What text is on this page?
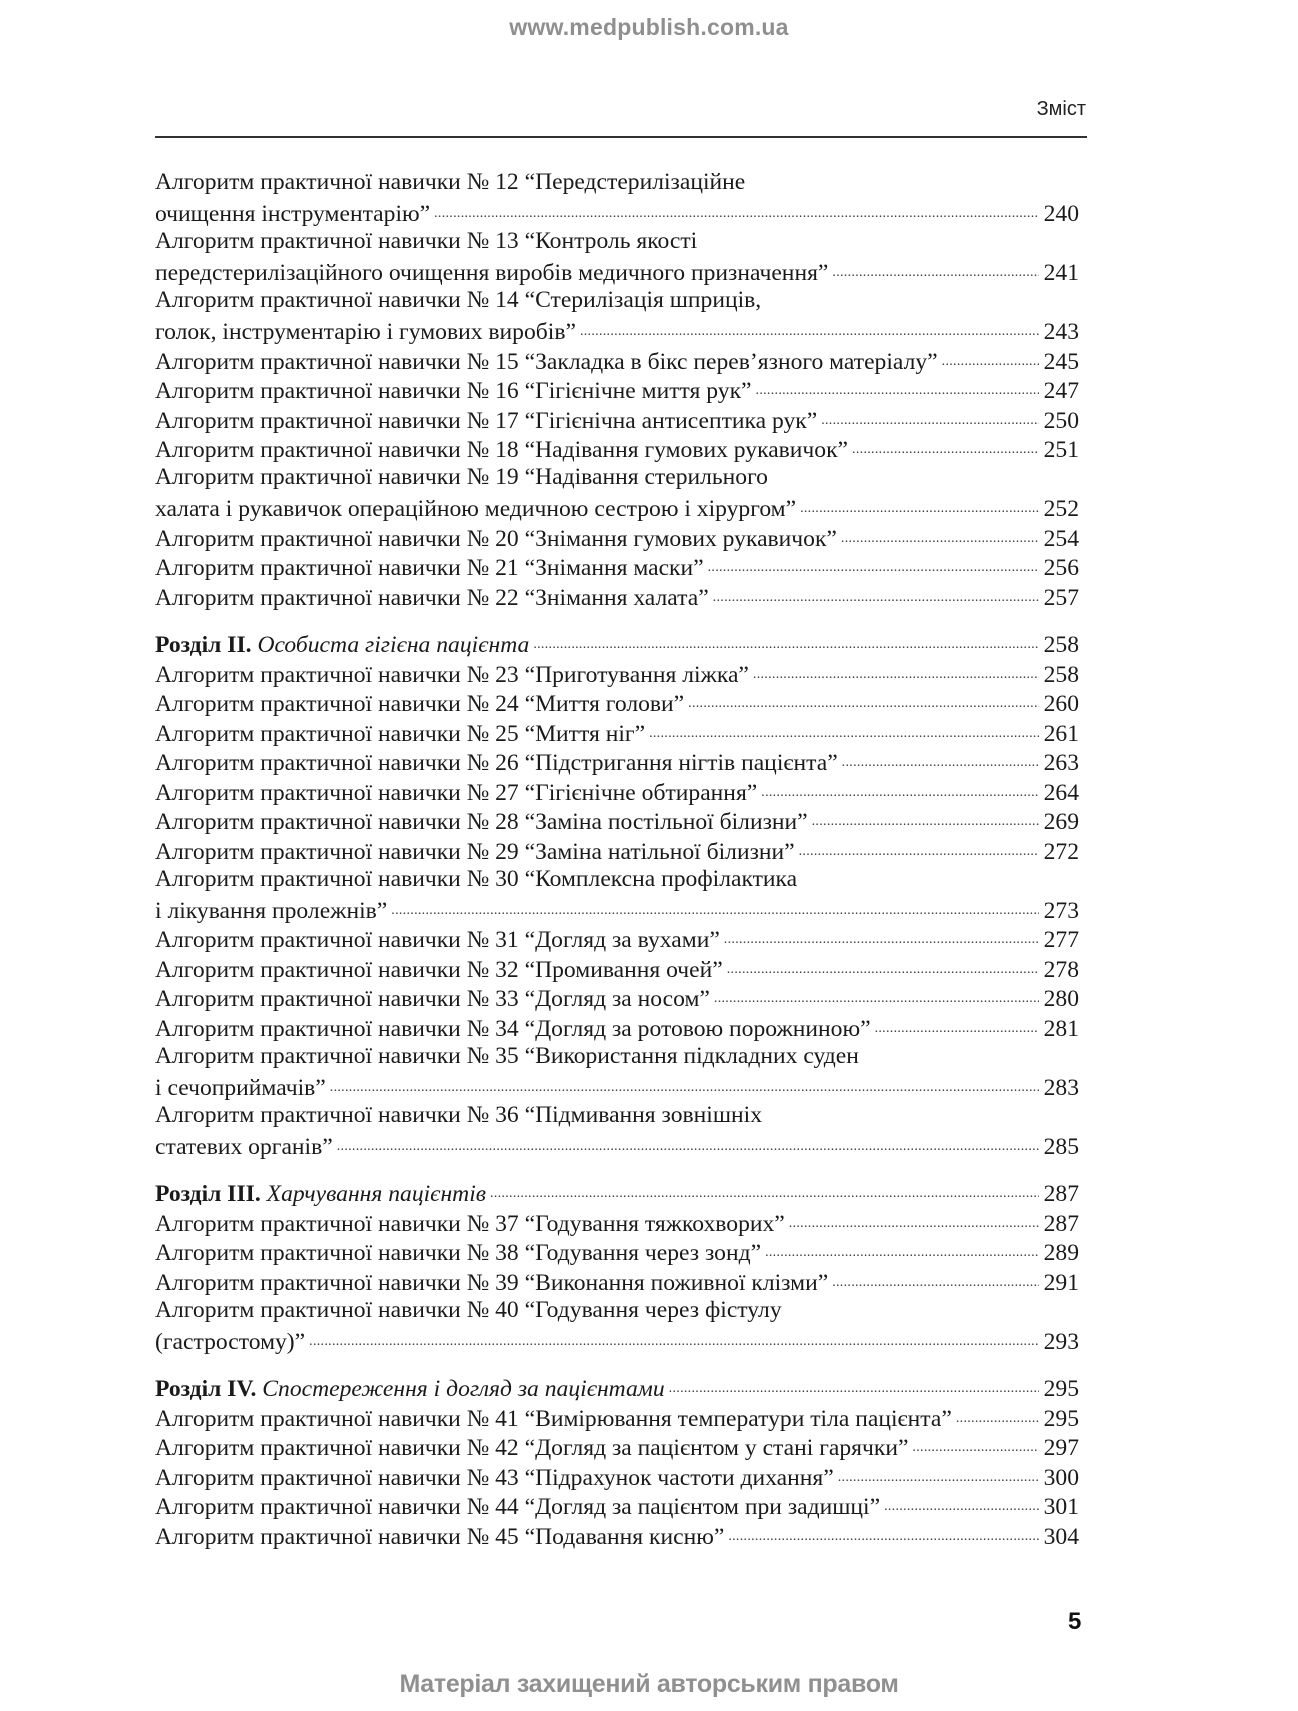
www.medpublish.com.ua
Зміст
Алгоритм практичної навички № 12 “Передстерилізаційне
очищення інструментарію” . . .	240
Алгоритм практичної навички № 13 “Контроль якості
передстерилізаційного очищення виробів медичного призначення” . . .	241
Алгоритм практичної навички № 14 “Стерилізація шприців,
голок, інструментарію і гумових виробів” . . .	243
Алгоритм практичної навички № 15 “Закладка в бікс перев’язного матеріалу” . . .	245
Алгоритм практичної навички № 16 “Гігієнічне миття рук” . . .	247
Алгоритм практичної навички № 17 “Гігієнічна антисептика рук” . . .	250
Алгоритм практичної навички № 18 “Надівання гумових рукавичок” . . .	251
Алгоритм практичної навички № 19 “Надівання стерильного
халата і рукавичок операційною медичною сестрою і хірургом” . . .	252
Алгоритм практичної навички № 20 “Знімання гумових рукавичок” . . .	254
Алгоритм практичної навички № 21 “Знімання маски” . . .	256
Алгоритм практичної навички № 22 “Знімання халата” . . .	257
Розділ II. Особиста гігієна пацієнта . . .	258
Алгоритм практичної навички № 23 “Приготування ліжка” . . .	258
Алгоритм практичної навички № 24 “Миття голови” . . .	260
Алгоритм практичної навички № 25 “Миття ніг” . . .	261
Алгоритм практичної навички № 26 “Підстригання нігтів пацієнта” . . .	263
Алгоритм практичної навички № 27 “Гігієнічне обтирання” . . .	264
Алгоритм практичної навички № 28 “Заміна постільної білизни” . . .	269
Алгоритм практичної навички № 29 “Заміна натільної білизни” . . .	272
Алгоритм практичної навички № 30 “Комплексна профілактика
і лікування пролежнів” . . .	273
Алгоритм практичної навички № 31 “Догляд за вухами” . . .	277
Алгоритм практичної навички № 32 “Промивання очей” . . .	278
Алгоритм практичної навички № 33 “Догляд за носом” . . .	280
Алгоритм практичної навички № 34 “Догляд за ротовою порожниною” . . .	281
Алгоритм практичної навички № 35 “Використання підкладних суден
і сечоприймачів” . . .	283
Алгоритм практичної навички № 36 “Підмивання зовнішніх
статевих органів” . . .	285
Розділ III. Харчування пацієнтів . . .	287
Алгоритм практичної навички № 37 “Годування тяжкохворих” . . .	287
Алгоритм практичної навички № 38 “Годування через зонд” . . .	289
Алгоритм практичної навички № 39 “Виконання поживної клізми” . . .	291
Алгоритм практичної навички № 40 “Годування через фістулу
(гастростому)” . . .	293
Розділ IV. Спостереження і догляд за пацієнтами . . .	295
Алгоритм практичної навички № 41 “Вимірювання температури тіла пацієнта” . . .	295
Алгоритм практичної навички № 42 “Догляд за пацієнтом у стані гарячки” . . .	297
Алгоритм практичної навички № 43 “Підрахунок частоти дихання” . . .	300
Алгоритм практичної навички № 44 “Догляд за пацієнтом при задишці” . . .	301
Алгоритм практичної навички № 45 “Подавання кисню” . . .	304
5
Матеріал захищений авторським правом
